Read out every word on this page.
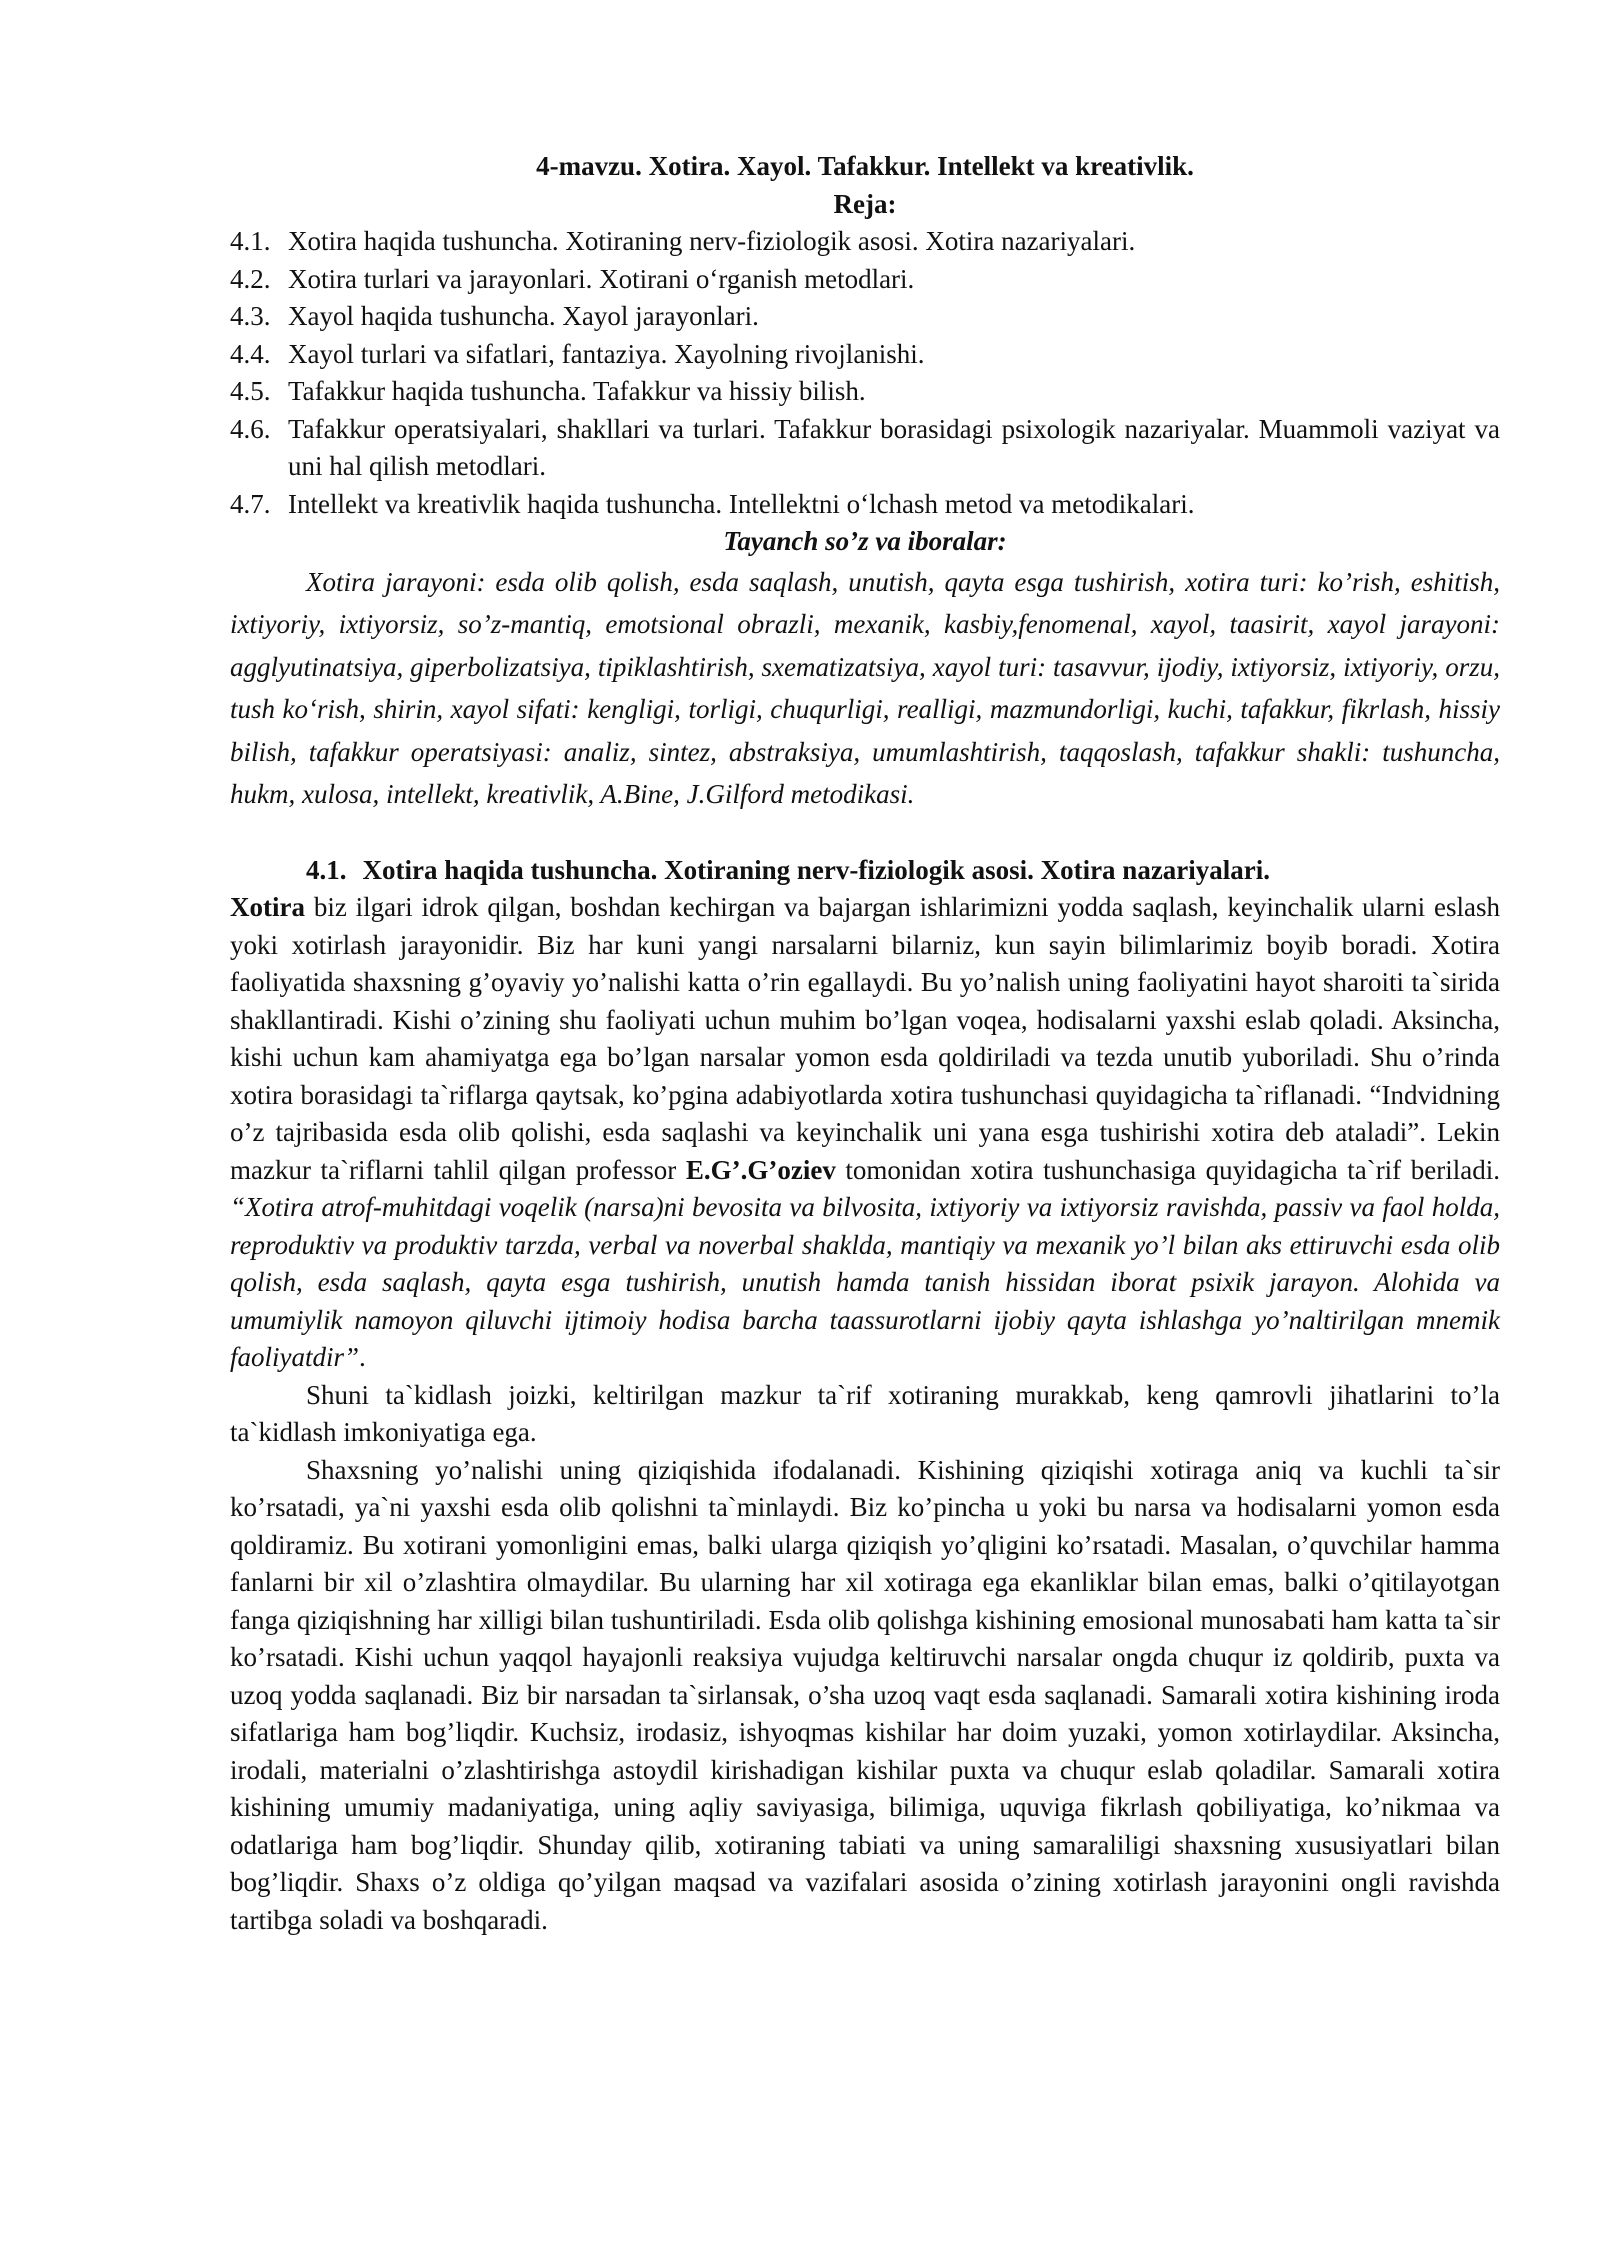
4-mavzu. Xotira. Xayol. Tafakkur. Intellekt va kreativlik.

Reja:

4.1. Xotira haqida tushuncha. Xotiraning nerv-fiziologik asosi. Xotira nazariyalari.
4.2. Xotira turlari va jarayonlari. Xotirani o‘rganish metodlari.
4.3. Xayol haqida tushuncha. Xayol jarayonlari.
4.4. Xayol turlari va sifatlari, fantaziya. Xayolning rivojlanishi.
4.5. Tafakkur haqida tushuncha. Tafakkur va hissiy bilish.
4.6. Tafakkur operatsiyalari, shakllari va turlari. Tafakkur borasidagi psixologik nazariyalar. Muammoli vaziyat va uni hal qilish metodlari.
4.7. Intellekt va kreativlik haqida tushuncha. Intellektni o‘lchash metod va metodikalari.

Tayanch so’z va iboralar:

Xotira jarayoni: esda olib qolish, esda saqlash, unutish, qayta esga tushirish, xotira turi: ko’rish, eshitish, ixtiyoriy, ixtiyorsiz, so’z-mantiq, emotsional obrazli, mexanik, kasbiy,fenomenal, xayol, taasirit, xayol jarayoni: agglyutinatsiya, giperbolizatsiya, tipiklashtirish, sxematizatsiya, xayol turi: tasavvur, ijodiy, ixtiyorsiz, ixtiyoriy, orzu, tush ko‘rish, shirin, xayol sifati: kengligi, torligi, chuqurligi, realligi, mazmundorligi, kuchi, tafakkur, fikrlash, hissiy bilish, tafakkur operatsiyasi: analiz, sintez, abstraksiya, umumlashtirish, taqqoslash, tafakkur shakli: tushuncha, hukm, xulosa, intellekt, kreativlik, A.Bine, J.Gilford metodikasi.

4.1. Xotira haqida tushuncha. Xotiraning nerv-fiziologik asosi. Xotira nazariyalari.

Xotira biz ilgari idrok qilgan, boshdan kechirgan va bajargan ishlarimizni yodda saqlash, keyinchalik ularni eslash yoki xotirlash jarayonidir. Biz har kuni yangi narsalarni bilarniz, kun sayin bilimlarimiz boyib boradi. Xotira faoliyatida shaxsning g’oyaviy yo’nalishi katta o’rin egallaydi. Bu yo’nalish uning faoliyatini hayot sharoiti ta`sirida shakllantiradi. Kishi o’zining shu faoliyati uchun muhim bo’lgan voqea, hodisalarni yaxshi eslab qoladi. Aksincha, kishi uchun kam ahamiyatga ega bo’lgan narsalar yomon esda qoldiriladi va tezda unutib yuboriladi. Shu o’rinda xotira borasidagi ta`riflarga qaytsak, ko’pgina adabiyotlarda xotira tushunchasi quyidagicha ta`riflanadi. “Indvidning o’z tajribasida esda olib qolishi, esda saqlashi va keyinchalik uni yana esga tushirishi xotira deb ataladi”. Lekin mazkur ta`riflarni tahlil qilgan professor E.G’.G’oziev tomonidan xotira tushunchasiga quyidagicha ta`rif beriladi. “Xotira atrof-muhitdagi voqelik (narsa)ni bevosita va bilvosita, ixtiyoriy va ixtiyorsiz ravishda, passiv va faol holda, reproduktiv va produktiv tarzda, verbal va noverbal shaklda, mantiqiy va mexanik yo’l bilan aks ettiruvchi esda olib qolish, esda saqlash, qayta esga tushirish, unutish hamda tanish hissidan iborat psixik jarayon. Alohida va umumiylik namoyon qiluvchi ijtimoiy hodisa barcha taassurotlarni ijobiy qayta ishlashga yo’naltirilgan mnemik faoliyatdir”.

Shuni ta`kidlash joizki, keltirilgan mazkur ta`rif xotiraning murakkab, keng qamrovli jihatlarini to’la ta`kidlash imkoniyatiga ega.

Shaxsning yo’nalishi uning qiziqishida ifodalanadi. Kishining qiziqishi xotiraga aniq va kuchli ta`sir ko’rsatadi, ya`ni yaxshi esda olib qolishni ta`minlaydi. Biz ko’pincha u yoki bu narsa va hodisalarni yomon esda qoldiramiz. Bu xotirani yomonligini emas, balki ularga qiziqish yo’qligini ko’rsatadi. Masalan, o’quvchilar hamma fanlarni bir xil o’zlashtira olmaydilar. Bu ularning har xil xotiraga ega ekanliklar bilan emas, balki o’qitilayotgan fanga qiziqishning har xilligi bilan tushuntiriladi. Esda olib qolishga kishining emosional munosabati ham katta ta`sir ko’rsatadi. Kishi uchun yaqqol hayajonli reaksiya vujudga keltiruvchi narsalar ongda chuqur iz qoldirib, puxta va uzoq yodda saqlanadi. Biz bir narsadan ta`sirlansak, o’sha uzoq vaqt esda saqlanadi. Samarali xotira kishining iroda sifatlariga ham bog’liqdir. Kuchsiz, irodasiz, ishyoqmas kishilar har doim yuzaki, yomon xotirlaydilar. Aksincha, irodali, materialni o’zlashtirishga astoydil kirishadigan kishilar puxta va chuqur eslab qoladilar. Samarali xotira kishining umumiy madaniyatiga, uning aqliy saviyasiga, bilimiga, uquviga fikrlash qobiliyatiga, ko’nikmaa va odatlariga ham bog’liqdir. Shunday qilib, xotiraning tabiati va uning samaraliligi shaxsning xususiyatlari bilan bog’liqdir. Shaxs o’z oldiga qo’yilgan maqsad va vazifalari asosida o’zining xotirlash jarayonini ongli ravishda tartibga soladi va boshqaradi.
